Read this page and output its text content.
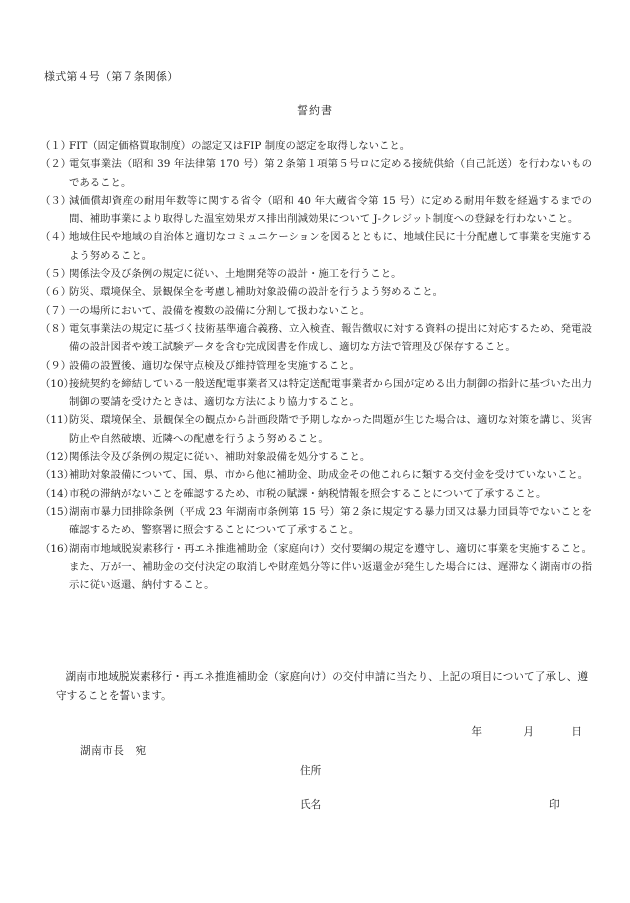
様式第４号（第７条関係）
誓約書
（１）
FIT（固定価格買取制度）の認定又はFIP 制度の認定を取得しないこと。
（２）
電気事業法（昭和 39 年法律第 170 号）第２条第１項第５号ロに定める接続供給（自己託送）を行わないものであること。
（３）
減価償却資産の耐用年数等に関する省令（昭和 40 年大蔵省令第 15 号）に定める耐用年数を経過するまでの間、補助事業により取得した温室効果ガス排出削減効果について J-クレジット制度への登録を行わないこと。
（４）
地域住民や地域の自治体と適切なコミュニケーションを図るとともに、地域住民に十分配慮して事業を実施するよう努めること。
（５）
関係法令及び条例の規定に従い、土地開発等の設計・施工を行うこと。
（６）
防災、環境保全、景観保全を考慮し補助対象設備の設計を行うよう努めること。
（７）
一の場所において、設備を複数の設備に分割して扱わないこと。
（８）
電気事業法の規定に基づく技術基準適合義務、立入検査、報告徴収に対する資料の提出に対応するため、発電設備の設計図者や竣工試験データを含む完成図書を作成し、適切な方法で管理及び保存すること。
（９）
設備の設置後、適切な保守点検及び維持管理を実施すること。
（10）
接続契約を締結している一般送配電事業者又は特定送配電事業者から国が定める出力制御の指針に基づいた出力制御の要請を受けたときは、適切な方法により協力すること。
（11）
防災、環境保全、景観保全の観点から計画段階で予期しなかった問題が生じた場合は、適切な対策を講じ、災害防止や自然破壊、近隣への配慮を行うよう努めること。
（12）
関係法令及び条例の規定に従い、補助対象設備を処分すること。
（13）
補助対象設備について、国、県、市から他に補助金、助成金その他これらに類する交付金を受けていないこと。
（14）
市税の滞納がないことを確認するため、市税の賦課・納税情報を照会することについて了承すること。
（15）
湖南市暴力団排除条例（平成 23 年湖南市条例第 15 号）第２条に規定する暴力団又は暴力団員等でないことを確認するため、警察署に照会することについて了承すること。
（16）
湖南市地域脱炭素移行・再エネ推進補助金（家庭向け）交付要綱の規定を遵守し、適切に事業を実施すること。また、万が一、補助金の交付決定の取消しや財産処分等に伴い返還金が発生した場合には、遅滞なく湖南市の指示に従い返還、納付すること。

湖南市地域脱炭素移行・再エネ推進補助金（家庭向け）の交付申請に当たり、上記の項目について了承し、遵守することを誓います。

年	月	日
湖南市長　宛
住所
氏名	印
